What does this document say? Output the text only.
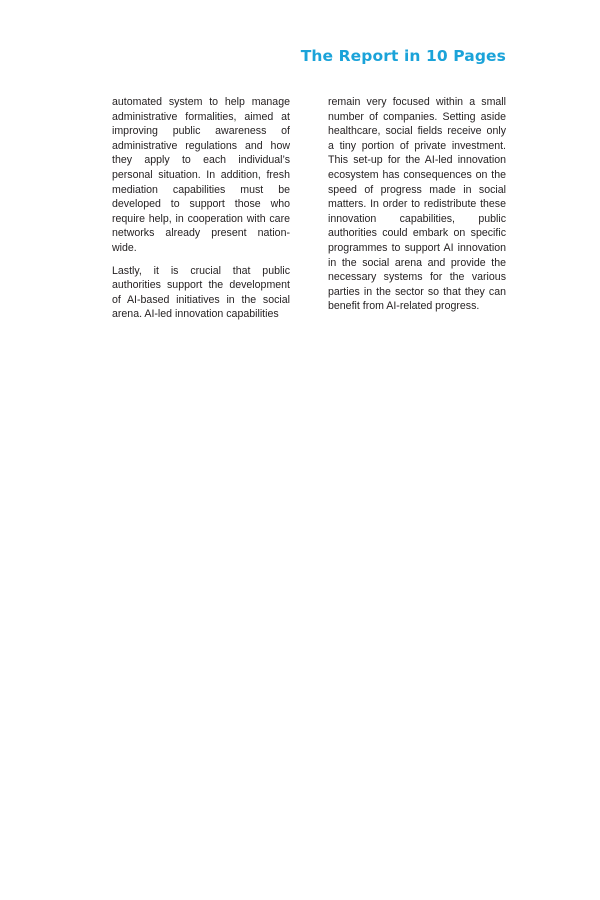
The Report in 10 Pages

automated system to help manage administrative formalities, aimed at improving public awareness of administrative regulations and how they apply to each individual’s personal situation. In addition, fresh mediation capabilities must be developed to support those who require help, in cooperation with care networks already present nation-wide.

Lastly, it is crucial that public authorities support the development of AI-based initiatives in the social arena. AI-led innovation capabilities

remain very focused within a small number of companies. Setting aside healthcare, social fields receive only a tiny portion of private investment. This set-up for the AI-led innovation ecosystem has consequences on the speed of progress made in social matters. In order to redistribute these innovation capabilities, public authorities could embark on specific programmes to support AI innovation in the social arena and provide the necessary systems for the various parties in the sector so that they can benefit from AI-related progress.
